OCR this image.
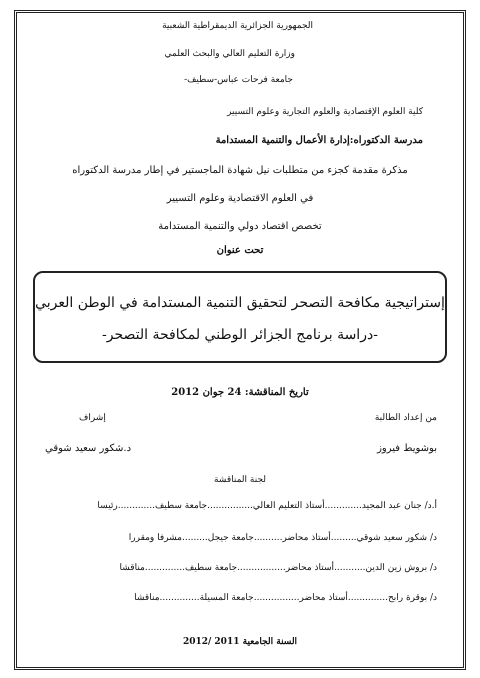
الجمهورية الجزائرية الديمقراطية الشعبية
وزارة التعليم العالي والبحث العلمي
جامعة فرحات عباس-سطيف-
كلية العلوم الإقتصادية والعلوم التجارية وعلوم التسيير
مدرسة الدكتوراه:إدارة الأعمال والتنمية المستدامة
مذكرة مقدمة كجزء من متطلبات نيل شهادة الماجستير في إطار مدرسة الدكتوراه
في العلوم الاقتصادية وعلوم التسيير
تخصص اقتصاد دولي والتنمية المستدامة
تحت عنوان
إستراتيجية مكافحة التصحر لتحقيق التنمية المستدامة في الوطن العربي
-دراسة برنامج الجزائر الوطني لمكافحة التصحر-
تاريخ المناقشة: 24 جوان 2012
من إعداد الطالبة
إشراف
بوشويط فيروز
د.شكور سعيد شوقي
لجنة المناقشة
أ.د/ جنان عبد المجيد.............أستاذ التعليم العالي................جامعة سطيف.............رئيسا
د/ شكور سعيد شوقي.........أستاذ محاضر..........جامعة جيجل.........مشرفا ومقررا
د/ بروش زين الدين...........أستاذ محاضر.................جامعة سطيف..............مناقشا
د/ بوقرة رابح..............أستاذ محاضر................جامعة المسيلة..............مناقشا
السنة الجامعية 2011 /2012
